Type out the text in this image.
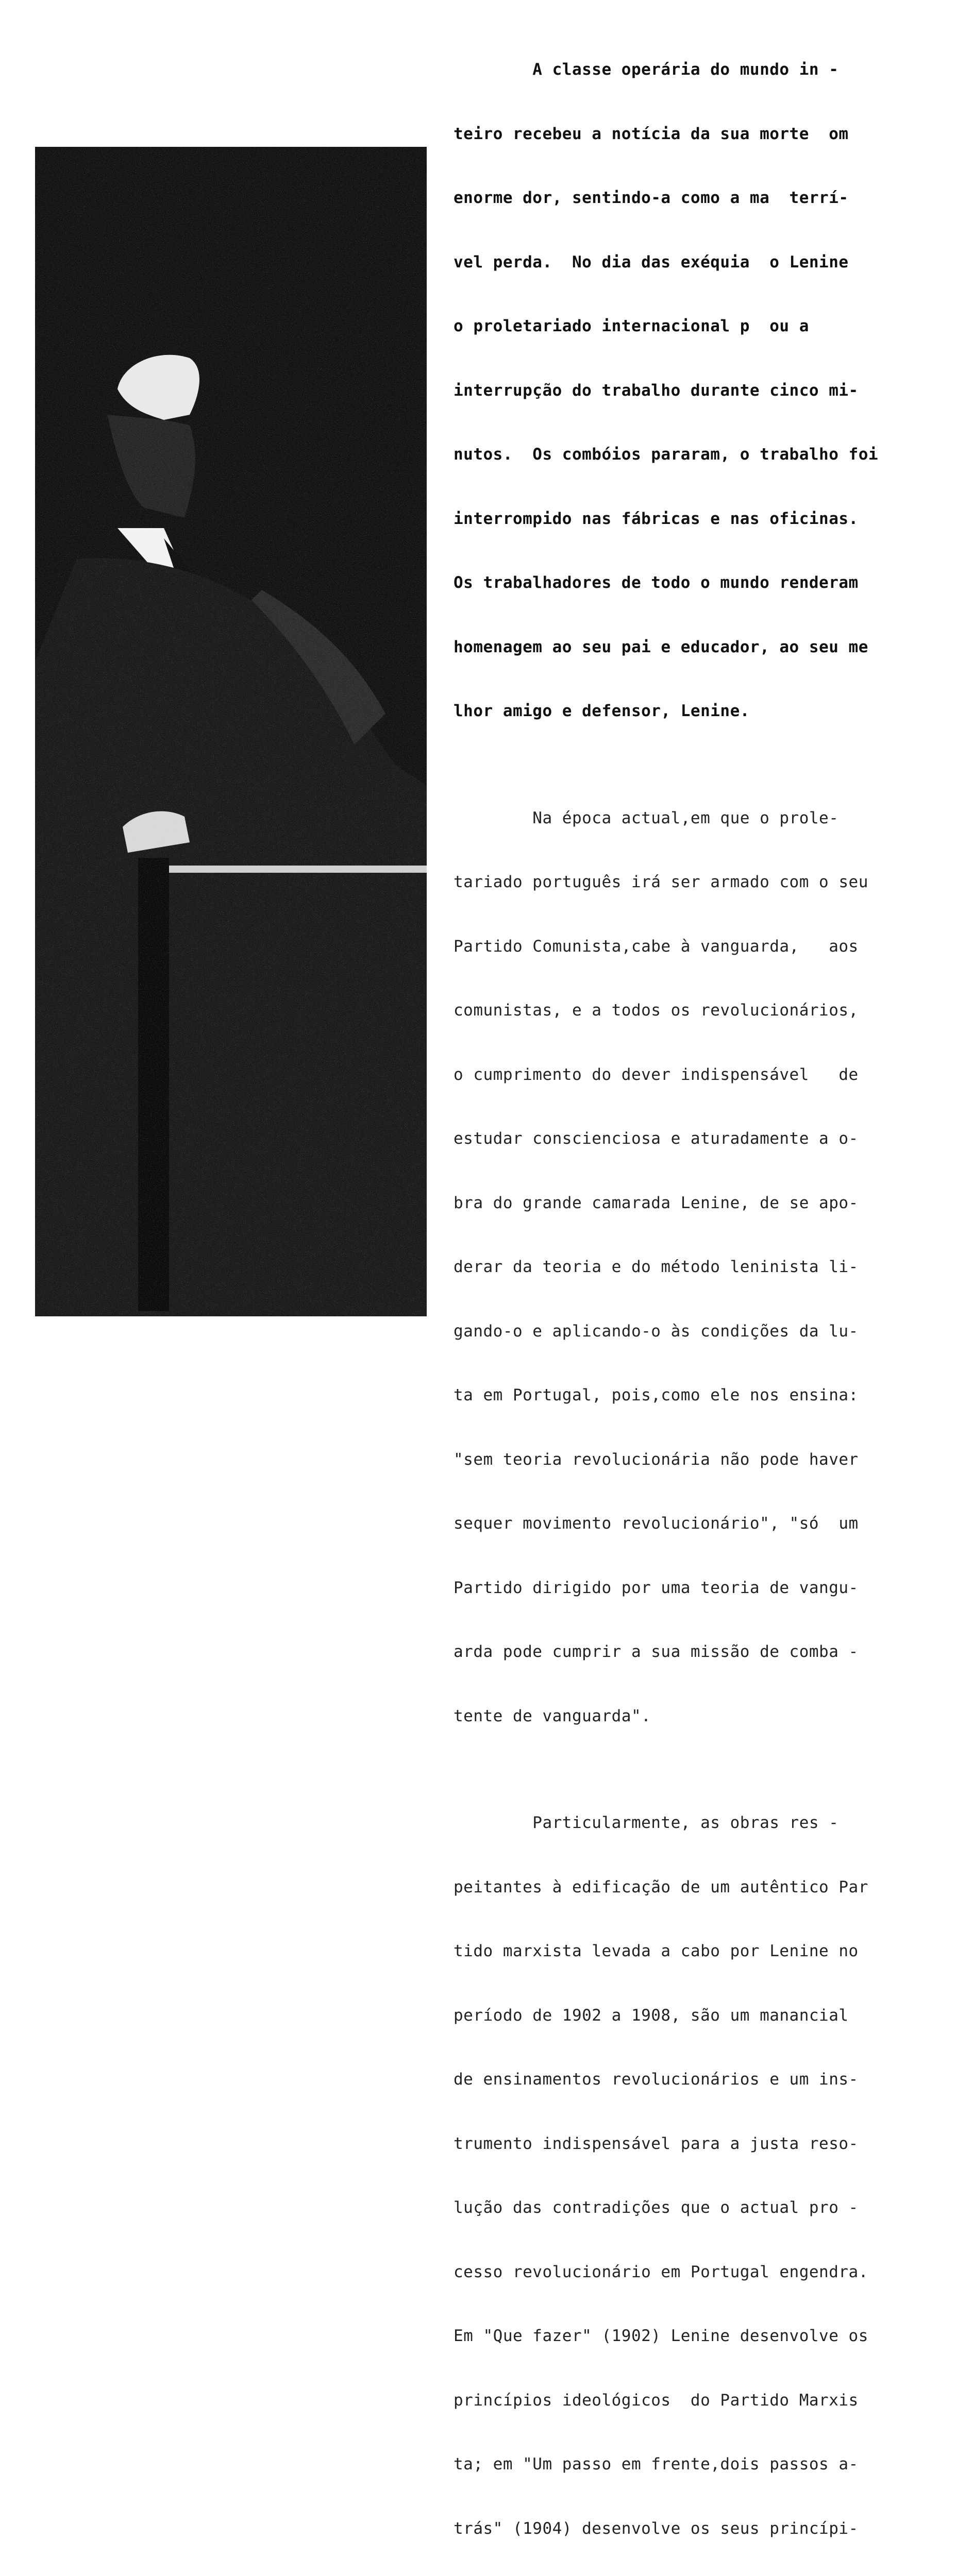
A classe operária do mundo in -

teiro recebeu a notícia da sua morte  om

enorme dor, sentindo-a como a ma  terrí-

vel perda.  No dia das exéquia  o Lenine

o proletariado internacional p  ou a

interrupção do trabalho durante cinco mi-

nutos.  Os combóios pararam, o trabalho foi

interrompido nas fábricas e nas oficinas.

Os trabalhadores de todo o mundo renderam

homenagem ao seu pai e educador, ao seu me

lhor amigo e defensor, Lenine.

Na época actual,em que o prole-

tariado português irá ser armado com o seu

Partido Comunista,cabe à vanguarda,   aos

comunistas, e a todos os revolucionários,

o cumprimento do dever indispensável   de

estudar conscienciosa e aturadamente a o-

bra do grande camarada Lenine, de se apo-

derar da teoria e do método leninista li-

gando-o e aplicando-o às condições da lu-

ta em Portugal, pois,como ele nos ensina:

"sem teoria revolucionária não pode haver

sequer movimento revolucionário", "só  um

Partido dirigido por uma teoria de vangu-

arda pode cumprir a sua missão de comba -

tente de vanguarda".

Particularmente, as obras res -

peitantes à edificação de um autêntico Par

tido marxista levada a cabo por Lenine no

período de 1902 a 1908, são um manancial

de ensinamentos revolucionários e um ins-

trumento indispensável para a justa reso-

lução das contradições que o actual pro -

cesso revolucionário em Portugal engendra.

Em "Que fazer" (1902) Lenine desenvolve os

princípios ideológicos  do Partido Marxis

ta; em "Um passo em frente,dois passos a-

trás" (1904) desenvolve os seus princípi-
